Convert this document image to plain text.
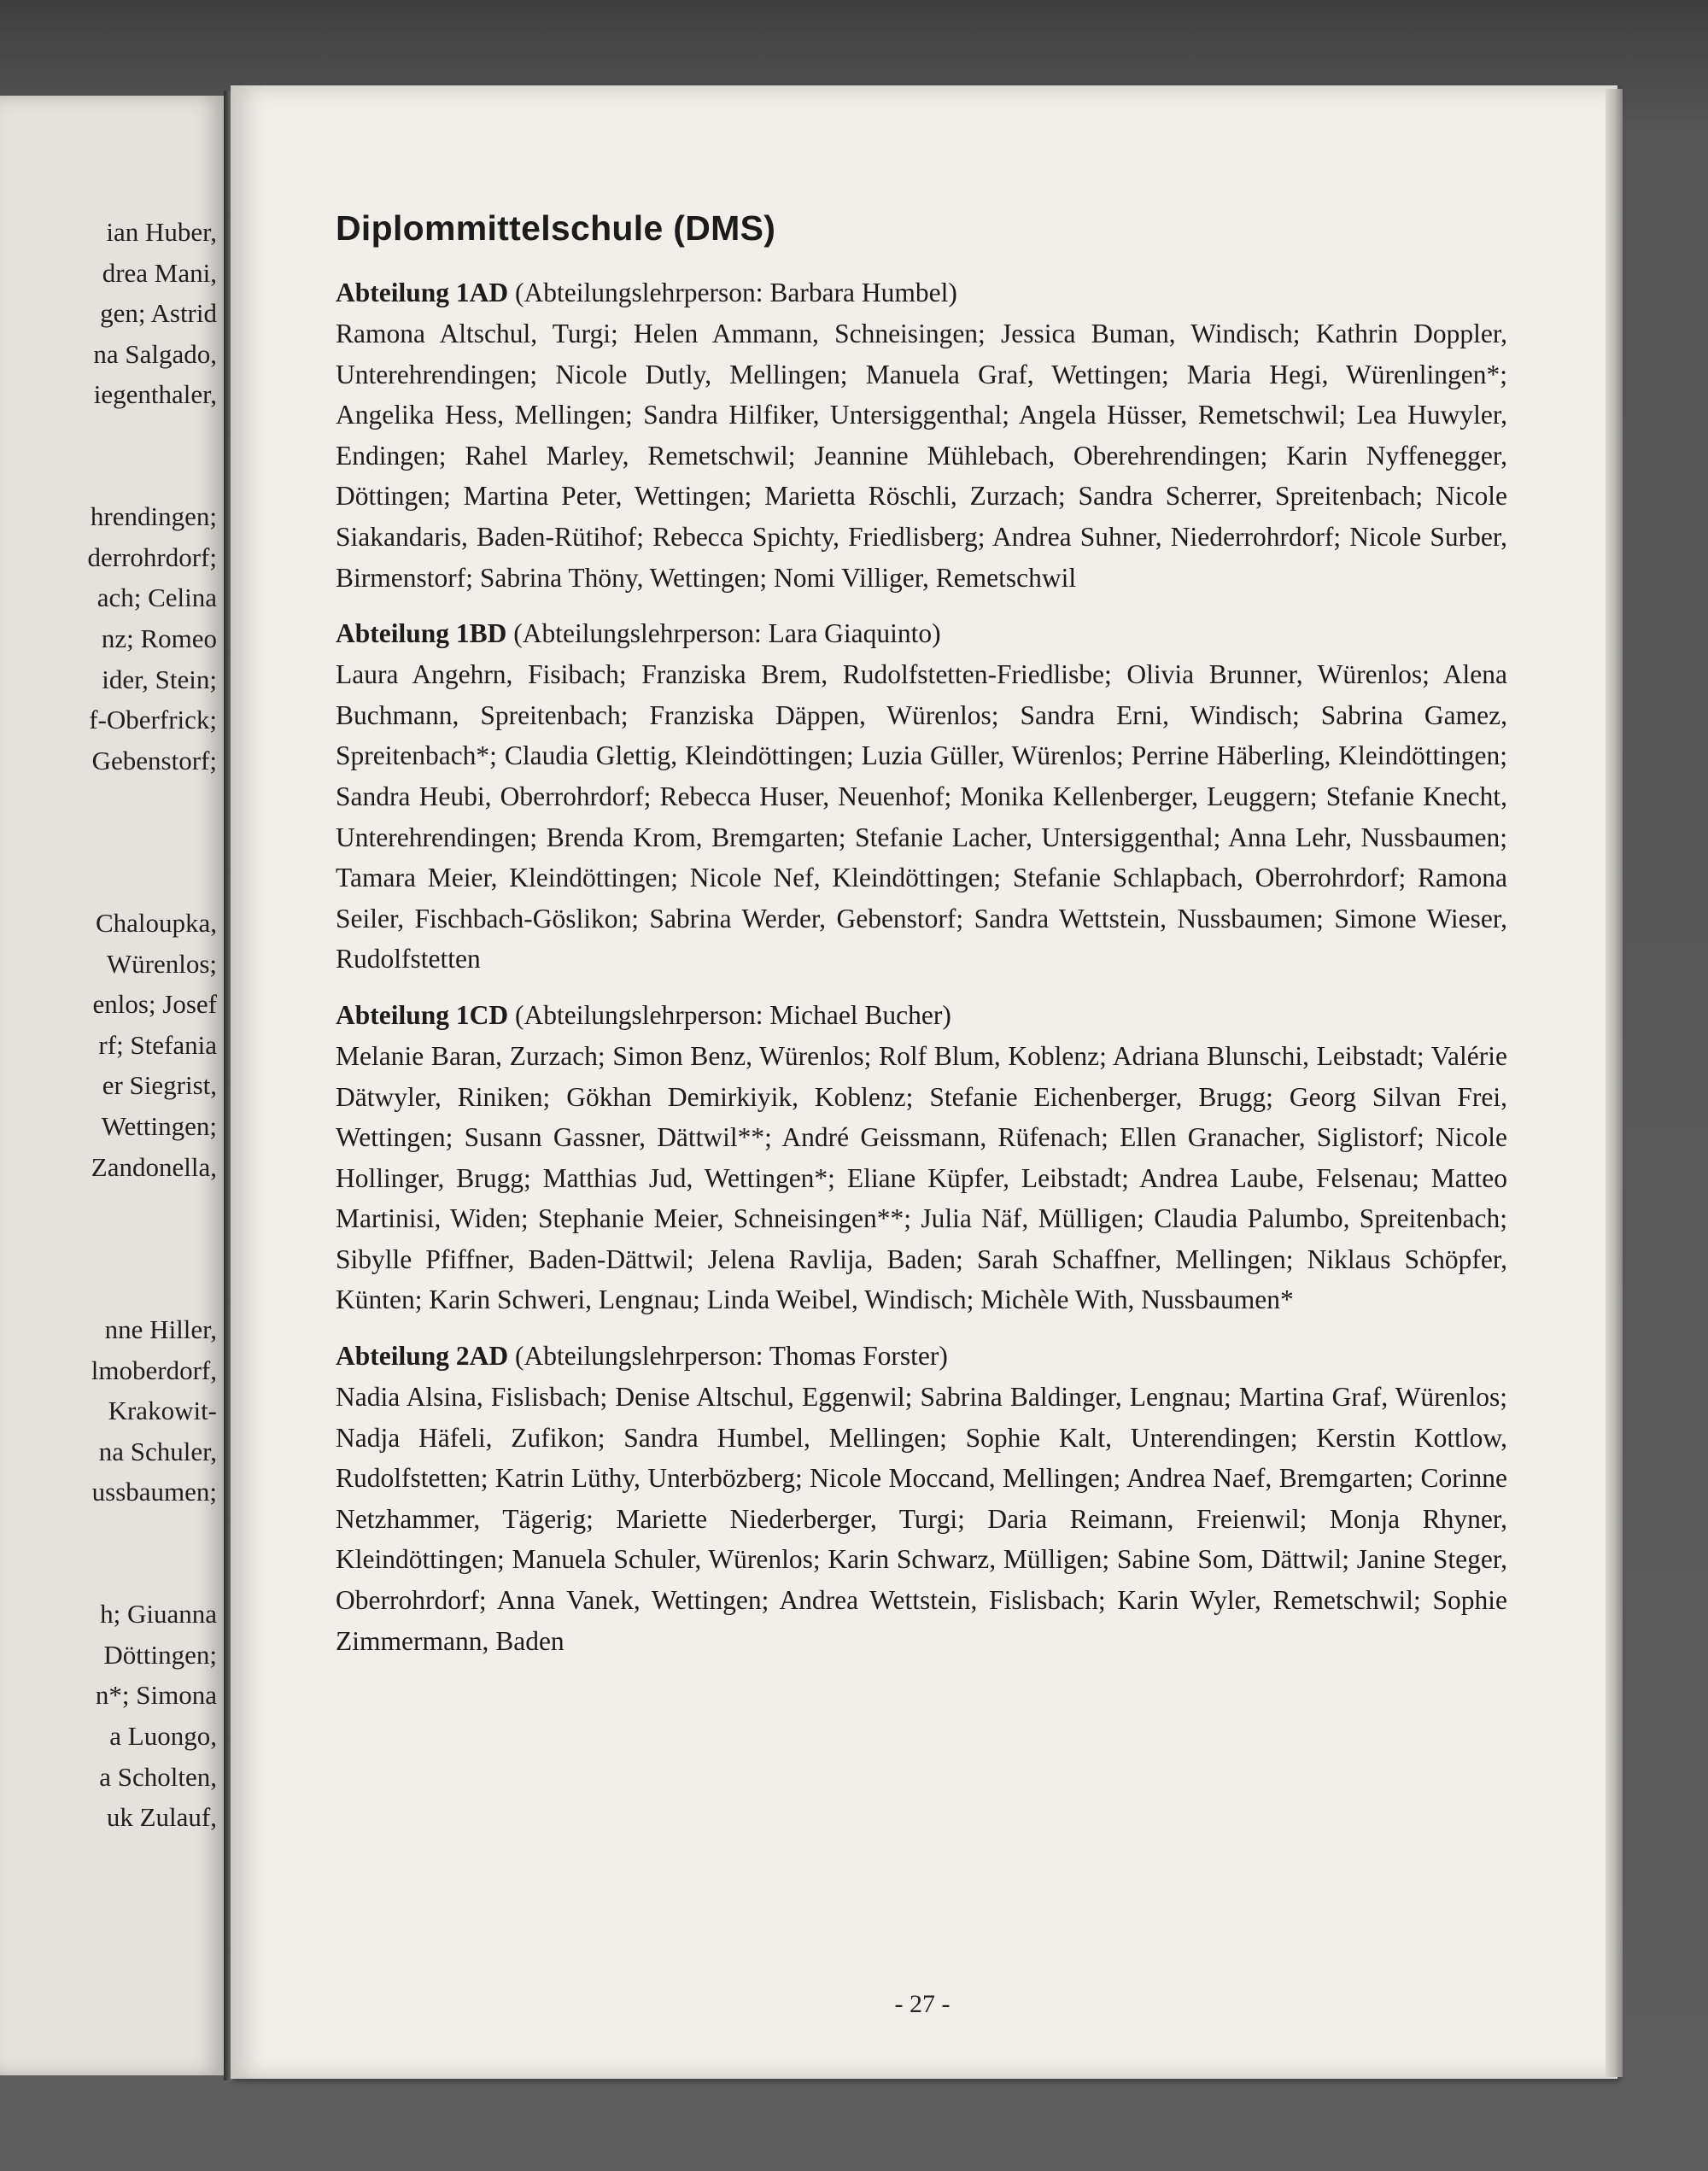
ian Huber,
drea Mani,
gen; Astrid
na Salgado,
iegenthaler,
hrendingen;
derrohrdorf;
ach; Celina
nz; Romeo
ider, Stein;
f-Oberfrick;
Gebenstorf;
Chaloupka,
Würenlos;
enlos; Josef
rf; Stefania
er Siegrist,
Wettingen;
Zandonella,
nne Hiller,
lmoberdorf,
Krakowit-
na Schuler,
ussbaumen;
h; Giuanna
Döttingen;
n*; Simona
a Luongo,
a Scholten,
uk Zulauf,
Diplommittelschule (DMS)

Abteilung 1AD (Abteilungslehrperson: Barbara Humbel)

Ramona Altschul, Turgi; Helen Ammann, Schneisingen; Jessica Buman, Windisch; Kathrin Doppler, Unterehrendingen; Nicole Dutly, Mellingen; Manuela Graf, Wettingen; Maria Hegi, Würenlingen*; Angelika Hess, Mellingen; Sandra Hilfiker, Untersiggenthal; Angela Hüsser, Remetschwil; Lea Huwyler, Endingen; Rahel Marley, Remetschwil; Jeannine Mühlebach, Oberehrendingen; Karin Nyffenegger, Döttingen; Martina Peter, Wettingen; Marietta Röschli, Zurzach; Sandra Scherrer, Spreitenbach; Nicole Siakandaris, Baden-Rütihof; Rebecca Spichty, Friedlisberg; Andrea Suhner, Niederrohrdorf; Nicole Surber, Birmenstorf; Sabrina Thöny, Wettingen; Nomi Villiger, Remetschwil

Abteilung 1BD (Abteilungslehrperson: Lara Giaquinto)

Laura Angehrn, Fisibach; Franziska Brem, Rudolfstetten-Friedlisbe; Olivia Brunner, Würenlos; Alena Buchmann, Spreitenbach; Franziska Däppen, Würenlos; Sandra Erni, Windisch; Sabrina Gamez, Spreitenbach*; Claudia Glettig, Kleindöttingen; Luzia Güller, Würenlos; Perrine Häberling, Kleindöttingen; Sandra Heubi, Oberrohrdorf; Rebecca Huser, Neuenhof; Monika Kellenberger, Leuggern; Stefanie Knecht, Unterehrendingen; Brenda Krom, Bremgarten; Stefanie Lacher, Untersiggenthal; Anna Lehr, Nussbaumen; Tamara Meier, Kleindöttingen; Nicole Nef, Kleindöttingen; Stefanie Schlapbach, Oberrohrdorf; Ramona Seiler, Fischbach-Göslikon; Sabrina Werder, Gebenstorf; Sandra Wettstein, Nussbaumen; Simone Wieser, Rudolfstetten

Abteilung 1CD (Abteilungslehrperson: Michael Bucher)

Melanie Baran, Zurzach; Simon Benz, Würenlos; Rolf Blum, Koblenz; Adriana Blunschi, Leibstadt; Valérie Dätwyler, Riniken; Gökhan Demirkiyik, Koblenz; Stefanie Eichenberger, Brugg; Georg Silvan Frei, Wettingen; Susann Gassner, Dättwil**; André Geissmann, Rüfenach; Ellen Granacher, Siglistorf; Nicole Hollinger, Brugg; Matthias Jud, Wettingen*; Eliane Küpfer, Leibstadt; Andrea Laube, Felsenau; Matteo Martinisi, Widen; Stephanie Meier, Schneisingen**; Julia Näf, Mülligen; Claudia Palumbo, Spreitenbach; Sibylle Pfiffner, Baden-Dättwil; Jelena Ravlija, Baden; Sarah Schaffner, Mellingen; Niklaus Schöpfer, Künten; Karin Schweri, Lengnau; Linda Weibel, Windisch; Michèle With, Nussbaumen*

Abteilung 2AD (Abteilungslehrperson: Thomas Forster)

Nadia Alsina, Fislisbach; Denise Altschul, Eggenwil; Sabrina Baldinger, Lengnau; Martina Graf, Würenlos; Nadja Häfeli, Zufikon; Sandra Humbel, Mellingen; Sophie Kalt, Unterendingen; Kerstin Kottlow, Rudolfstetten; Katrin Lüthy, Unterbözberg; Nicole Moccand, Mellingen; Andrea Naef, Bremgarten; Corinne Netzhammer, Tägerig; Mariette Niederberger, Turgi; Daria Reimann, Freienwil; Monja Rhyner, Kleindöttingen; Manuela Schuler, Würenlos; Karin Schwarz, Mülligen; Sabine Som, Dättwil; Janine Steger, Oberrohrdorf; Anna Vanek, Wettingen; Andrea Wettstein, Fislisbach; Karin Wyler, Remetschwil; Sophie Zimmermann, Baden

- 27 -
